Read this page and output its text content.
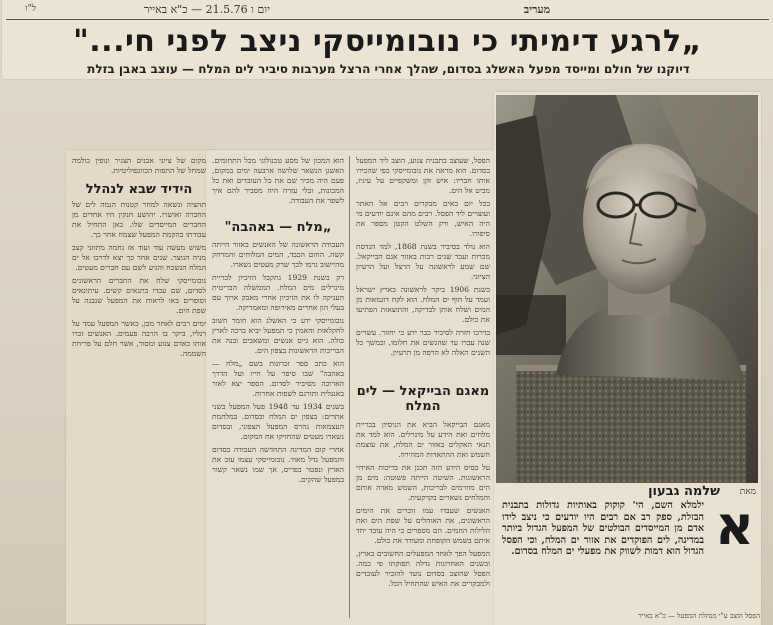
ל"ו	יום ו 21.5.76 — כ"א באייר	מעריב
„לרגע דימיתי כי נובומייסקי ניצב לפני חי..."
דיוקנו של חולם ומייסד מפעל האשלג בסדום, שהלך אחרי הרצל מערבות סיביר לים המלח — עוצב באבן בזלת

מקום של ציוני אבנים הצגיר ונופין כולמה שמחל של התפות הכוונפוליטיות.

הידיד שבא לנהלל

תהציה ונשאה למחר קטנות הנמה לים של החברה ואושרו. יהושע חנקין היו אחדים מן החברים המייסדים שלו. כאן התחיל את עבודתו בהקמת המפעל שצמח אחר כך.

משוש מעשה עוד ועוד אז נחמה מתוזני קצב מניה הנוצר. שנים אחר כך יצא לדרכו אל ים המלח הנשכח והגיע לשם עם חברים מעטים.

נובומייסקי שלח את החברים הראשונים לסדום, שם עבדו בתנאים קשים. עיתונאים וסופרים באו לראות את המפעל שנבנה על שפת הים.

ימים רבים לאחר מכן, כאשר המפעל עמד על רגליו, ביקר בו הרבה פעמים. האנשים זכרו אותו כאדם צנוע ומסור, אשר חלם על פריחת השממה.

הוא המכון של מסע טכנולוגי מכל התחומים. האשגן הנשאר שלושה ארבעה ימים במקום, פעם היה מכיר שם את כל העובדים ואת כל המכונות, ובלי עזרה היה מסביר להם איך לשפר את העבודה.

„מלח — באהבה"

העבודה הראשונה של האנשים באזור הייתה קשה. החום הכבד, המים המלוחים והמרחק מהיישוב גרמו לכך שרק מעטים נשארו.

רק בשנת 1929 נתקבל הזיכיון לכריית מינרלים מים המלח. הממשלה הבריטית העניקה לו את הזיכיון אחרי מאבק ארוך עם בעלי הון אחרים מאירופה ומאמריקה.

נובומייסקי ידע כי האשלג הוא חומר חשוב לחקלאות והאמין כי המפעל יביא ברכה לארץ כולה. הוא גייס אנשים ומשאבים ובנה את הבריכות הראשונות בצפון הים.

הוא כתב ספר זכרונות בשם „מלח — באהבה" שבו סיפר על חייו ועל הדרך הארוכה מסיביר לסדום. הספר יצא לאור באנגלית ותורגם לשפות אחרות.

בשנים 1934 עד 1948 פעל המפעל בשני אתרים: בצפון ים המלח ובסדום. במלחמת העצמאות נהרס המפעל הצפוני, ובסדום נשארו מעטים שהחזיקו את המקום.

אחרי קום המדינה התחדשה העבודה בסדום והמפעל גדל מאוד. נובומייסקי עצמו עזב את הארץ ונפטר בפריס, אך שמו נשאר קשור במפעל שהקים.

הפסל, שעוצב בתבנית צנוע, הוצב ליד המפעל בסדום. הוא מראה את נובומייסקי כפי שהכירו אותו חבריו: איש זקן ומשקפיים על עיניו, מביט אל הים.

בכל יום באים מבקרים רבים אל האתר ועוצרים ליד הפסל. רבים מהם אינם יודעים מי היה האיש, ורק השלט הקטן מספר את סיפורו.

הוא נולד בסיביר בשנת 1868, למד הנדסת מכרות ועבד שנים רבות באזור אגם הבייקאל. שם שמע לראשונה על הרצל ועל הרעיון הציוני.

בשנת 1906 ביקר לראשונה בארץ ישראל ועמד על חוף ים המלח. הוא לקח דוגמאות מן המים ושלח אותן לבדיקה, והתוצאות הפתיעו את כולם.

בדרכו חזרה לסיביר כבר ידע כי יחזור. עשרים שנה עברו עד שהגשים את חלומו, ובמשך כל השנים האלה לא הרפה מן הרעיון.

מאגם הבייקאל — לים המלח

מאגם הבייקאל הביא את הניסיון בכריית מלחים ואת הידע על מינרלים. הוא למד את תנאי האקלים באזור ים המלח, את עוצמת השמש ואת ההתאדות המהירה.

על בסיס הידע הזה תכנן את בריכות האידוי הראשונות. השיטה הייתה פשוטה: מים מן הים מוזרמים לבריכות, השמש מאדה אותם והמלחים נשארים בקרקעית.

האנשים שעבדו עמו זוכרים את הימים הראשונים, את האוהלים על שפת הים ואת הלילות החמים. הם מספרים כי היה עובד יחד איתם בשמש הקופחת ומעודד את כולם.

המפעל הפך לאחד המפעלים החשובים בארץ, ובשנים האחרונות גדלה תפוקתו פי כמה. הפסל שהוצב בסדום נועד להזכיר לעובדים ולמבקרים את האיש שהתחיל הכל.

מאת
שלמה גבעון
א
ילמלא השם, הי' קוקוק באותיות גדולות בתבנית הבזלת, ספק רב אם רבים היו יודעים כי ניצב לידו אדם מן המייסדים הבולטים של המפעל הגדול ביותר במדינה, לים הפוקדים את אזור ים המלח, וכי הפסל הגדול הוא דמות לשווק את מפעלי ים המלח בסדום.
הפסל הוצב ע"י מנהלת המפעל — כ"א באייר
